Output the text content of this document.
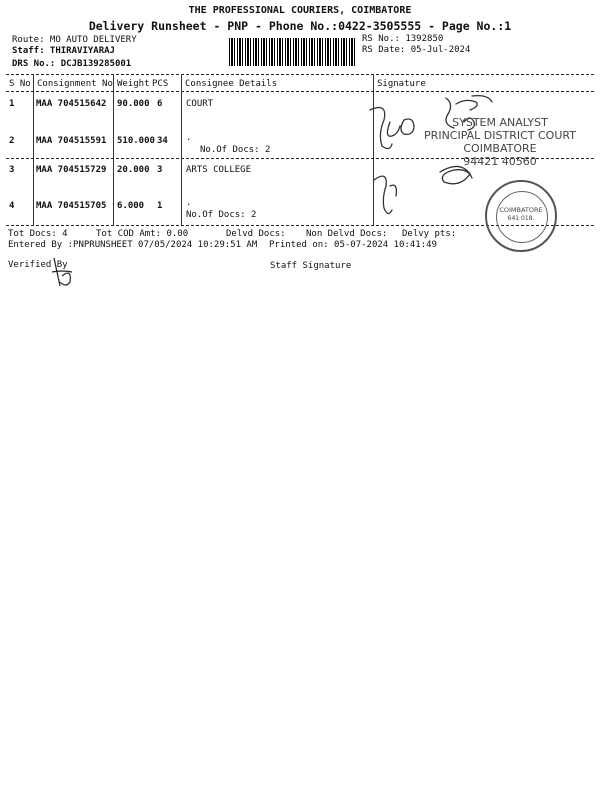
THE PROFESSIONAL COURIERS, COIMBATORE
Delivery Runsheet - PNP - Phone No.:0422-3505555 - Page No.:1
Route: MO AUTO DELIVERY
Staff: THIRAVIYARAJ
DRS No.: DCJB139285001
RS No.: 1392850
RS Date: 05-Jul-2024
S No Consignment No Weight PCS Consignee Details	Signature
1 MAA 704515642 90.000 6	COURT
2 MAA 704515591 510.000 34 .
No.Of Docs: 2
3 MAA 704515729 20.000 3	ARTS COLLEGE
4 MAA 704515705 6.000 1	.
No.Of Docs: 2
SYSTEM ANALYST
PRINCIPAL DISTRICT COURT
COIMBATORE
94421 40560
COIMBATORE
641 018.
Tot Docs: 4	Tot COD Amt: 0.00	Delvd Docs: Non Delvd Docs: Delvy pts:
Entered By :PNPRUNSHEET 07/05/2024 10:29:51 AM Printed on: 05-07-2024 10:41:49
Verified By	Staff Signature
